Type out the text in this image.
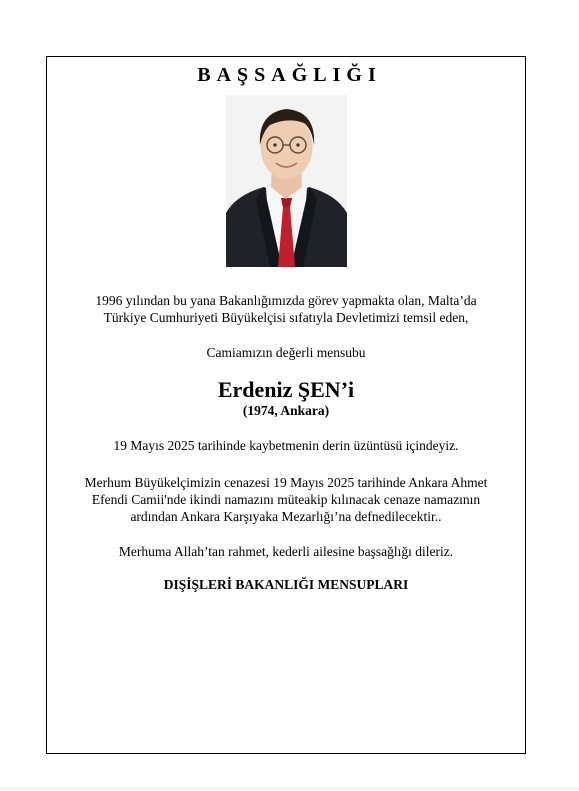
BAŞSAĞLIĞI
1996 yılından bu yana Bakanlığımızda görev yapmakta olan, Malta’da
Türkiye Cumhuriyeti Büyükelçisi sıfatıyla Devletimizi temsil eden,
Camiamızın değerli mensubu
Erdeniz ŞEN’i
(1974, Ankara)
19 Mayıs 2025 tarihinde kaybetmenin derin üzüntüsü içindeyiz.
Merhum Büyükelçimizin cenazesi 19 Mayıs 2025 tarihinde Ankara Ahmet
Efendi Camii'nde ikindi namazını müteakip kılınacak cenaze namazının
ardından Ankara Karşıyaka Mezarlığı’na defnedilecektir..
Merhuma Allah’tan rahmet, kederli ailesine başsağlığı dileriz.
DIŞİŞLERİ BAKANLIĞI MENSUPLARI
